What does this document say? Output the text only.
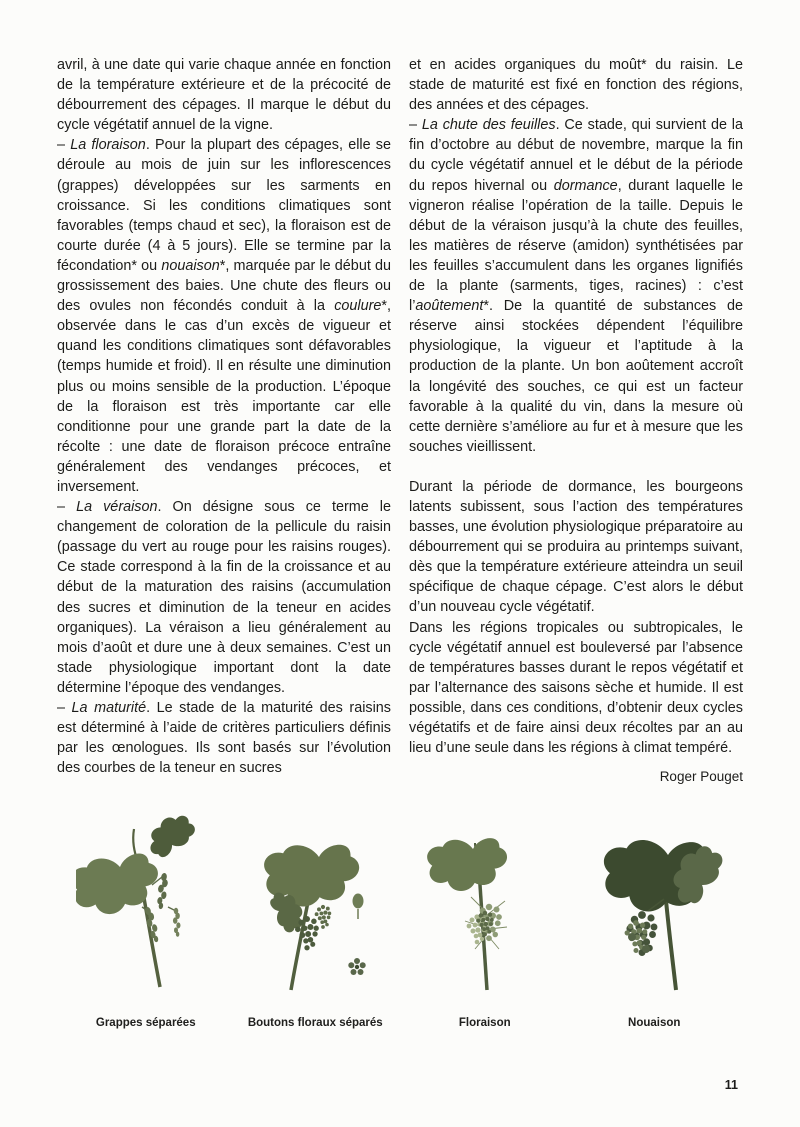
avril, à une date qui varie chaque année en fonction de la température extérieure et de la précocité de débourrement des cépages. Il marque le début du cycle végétatif annuel de la vigne.

– La floraison. Pour la plupart des cépages, elle se déroule au mois de juin sur les inflorescences (grappes) développées sur les sarments en croissance. Si les conditions climatiques sont favorables (temps chaud et sec), la floraison est de courte durée (4 à 5 jours). Elle se termine par la fécondation* ou nouaison*, marquée par le début du grossissement des baies. Une chute des fleurs ou des ovules non fécondés conduit à la coulure*, observée dans le cas d’un excès de vigueur et quand les conditions climatiques sont défavorables (temps humide et froid). Il en résulte une diminution plus ou moins sensible de la production. L’époque de la floraison est très importante car elle conditionne pour une grande part la date de la récolte : une date de floraison précoce entraîne généralement des vendanges précoces, et inversement.

– La véraison. On désigne sous ce terme le changement de coloration de la pellicule du raisin (passage du vert au rouge pour les raisins rouges). Ce stade correspond à la fin de la croissance et au début de la maturation des raisins (accumulation des sucres et diminution de la teneur en acides organiques). La véraison a lieu généralement au mois d’août et dure une à deux semaines. C’est un stade physiologique important dont la date détermine l’époque des vendanges.

– La maturité. Le stade de la maturité des raisins est déterminé à l’aide de critères particuliers définis par les œnologues. Ils sont basés sur l’évolution des courbes de la teneur en sucres

et en acides organiques du moût* du raisin. Le stade de maturité est fixé en fonction des régions, des années et des cépages.

– La chute des feuilles. Ce stade, qui survient de la fin d’octobre au début de novembre, marque la fin du cycle végétatif annuel et le début de la période du repos hivernal ou dormance, durant laquelle le vigneron réalise l’opération de la taille. Depuis le début de la véraison jusqu’à la chute des feuilles, les matières de réserve (amidon) synthétisées par les feuilles s’accumulent dans les organes lignifiés de la plante (sarments, tiges, racines) : c’est l’aoûtement*. De la quantité de substances de réserve ainsi stockées dépendent l’équilibre physiologique, la vigueur et l’aptitude à la production de la plante. Un bon aoûtement accroît la longévité des souches, ce qui est un facteur favorable à la qualité du vin, dans la mesure où cette dernière s’améliore au fur et à mesure que les souches vieillissent.

Durant la période de dormance, les bourgeons latents subissent, sous l’action des températures basses, une évolution physiologique préparatoire au débourrement qui se produira au printemps suivant, dès que la température extérieure atteindra un seuil spécifique de chaque cépage. C’est alors le début d’un nouveau cycle végétatif.

Dans les régions tropicales ou subtropicales, le cycle végétatif annuel est bouleversé par l’absence de températures basses durant le repos végétatif et par l’alternance des saisons sèche et humide. Il est possible, dans ces conditions, d’obtenir deux cycles végétatifs et de faire ainsi deux récoltes par an au lieu d’une seule dans les régions à climat tempéré.

Roger Pouget
Grappes séparées	Boutons floraux séparés	Floraison	Nouaison
11
